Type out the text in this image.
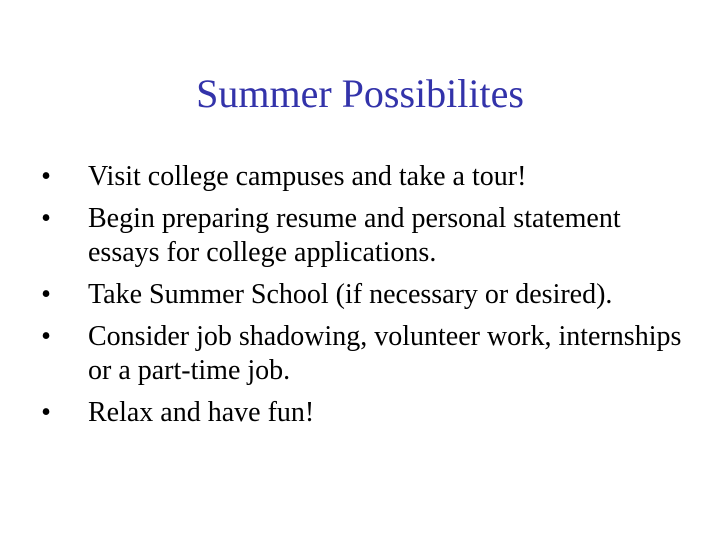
Summer Possibilites
• Visit college campuses and take a tour!
• Begin preparing resume and personal statement essays for college applications.
• Take Summer School (if necessary or desired).
• Consider job shadowing, volunteer work, internships or a part-time job.
• Relax and have fun!
